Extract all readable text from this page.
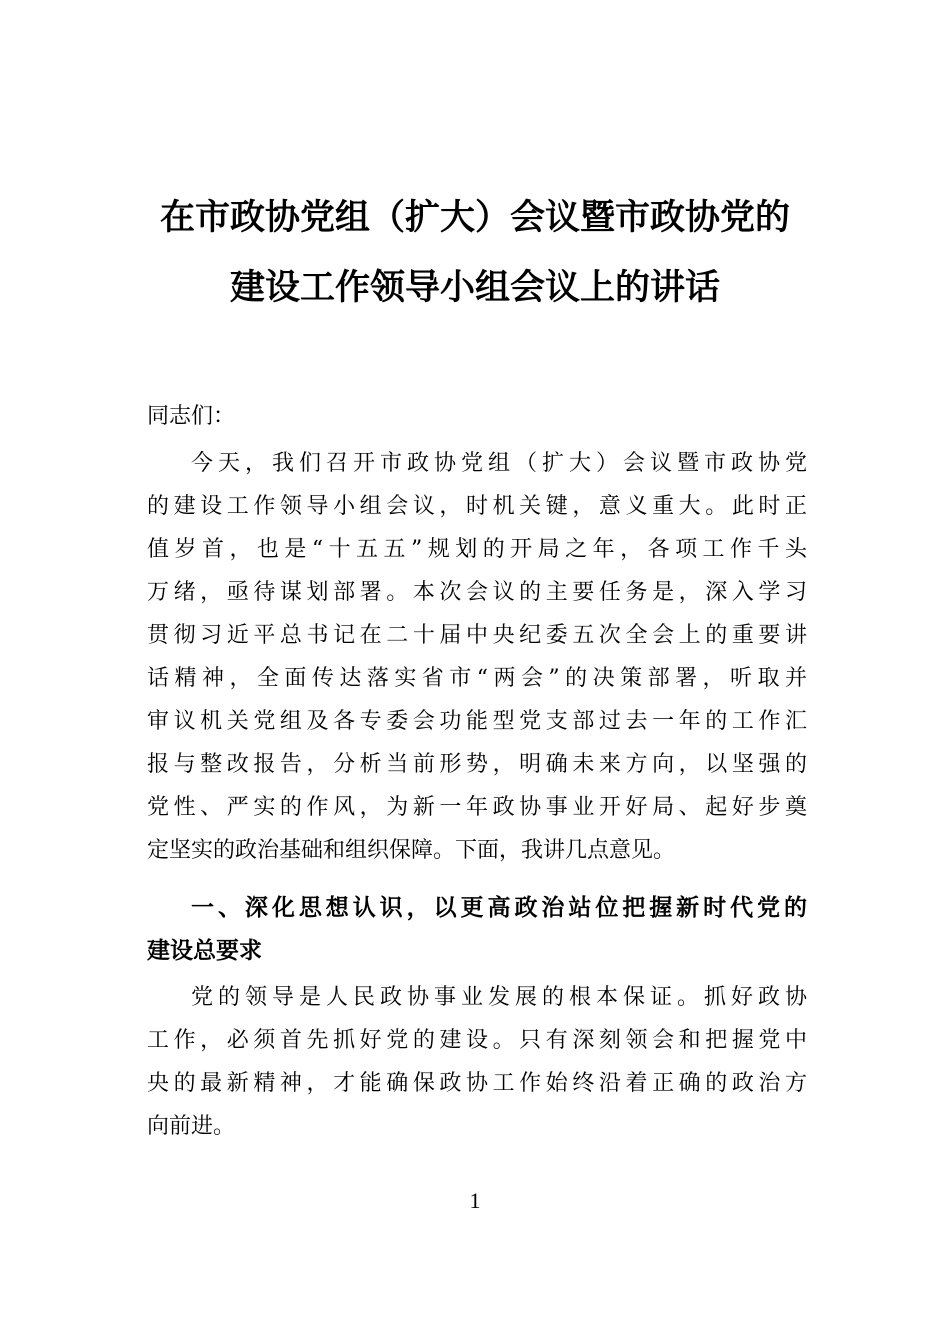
在市政协党组（扩大）会议暨市政协党的
建设工作领导小组会议上的讲话
同志们：
今天，我们召开市政协党组（扩大）会议暨市政协党
的建设工作领导小组会议，时机关键，意义重大。此时正
值岁首，也是“十五五”规划的开局之年，各项工作千头
万绪，亟待谋划部署。本次会议的主要任务是，深入学习
贯彻习近平总书记在二十届中央纪委五次全会上的重要讲
话精神，全面传达落实省市“两会”的决策部署，听取并
审议机关党组及各专委会功能型党支部过去一年的工作汇
报与整改报告，分析当前形势，明确未来方向，以坚强的
党性、严实的作风，为新一年政协事业开好局、起好步奠
定坚实的政治基础和组织保障。下面，我讲几点意见。
一、深化思想认识，以更高政治站位把握新时代党的
建设总要求
党的领导是人民政协事业发展的根本保证。抓好政协
工作，必须首先抓好党的建设。只有深刻领会和把握党中
央的最新精神，才能确保政协工作始终沿着正确的政治方
向前进。
1
